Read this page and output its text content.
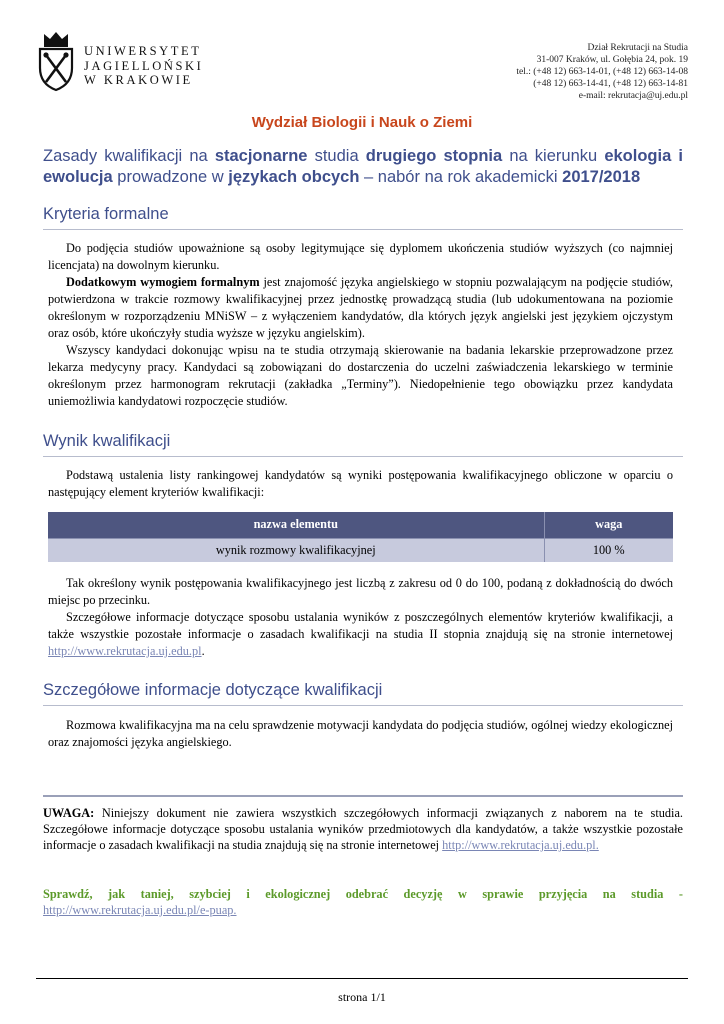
UNIWERSYTET
JAGIELLOŃSKI
W KRAKOWIE
Dział Rekrutacji na Studia
31-007 Kraków, ul. Gołębia 24, pok. 19
tel.: (+48 12) 663-14-01, (+48 12) 663-14-08
(+48 12) 663-14-41, (+48 12) 663-14-81
e-mail: rekrutacja@uj.edu.pl
Wydział Biologii i Nauk o Ziemi
Zasady kwalifikacji na stacjonarne studia drugiego stopnia na kierunku ekologia i ewolucja prowadzone w językach obcych – nabór na rok akademicki 2017/2018
Kryteria formalne

Do podjęcia studiów upoważnione są osoby legitymujące się dyplomem ukończenia studiów wyższych (co najmniej licencjata) na dowolnym kierunku.

Dodatkowym wymogiem formalnym jest znajomość języka angielskiego w stopniu pozwalającym na podjęcie studiów, potwierdzona w trakcie rozmowy kwalifikacyjnej przez jednostkę prowadzącą studia (lub udokumentowana na poziomie określonym w rozporządzeniu MNiSW – z wyłączeniem kandydatów, dla których język angielski jest językiem ojczystym oraz osób, które ukończyły studia wyższe w języku angielskim).

Wszyscy kandydaci dokonując wpisu na te studia otrzymają skierowanie na badania lekarskie przeprowadzone przez lekarza medycyny pracy. Kandydaci są zobowiązani do dostarczenia do uczelni zaświadczenia lekarskiego w terminie określonym przez harmonogram rekrutacji (zakładka „Terminy”). Niedopełnienie tego obowiązku przez kandydata uniemożliwia kandydatowi rozpoczęcie studiów.

Wynik kwalifikacji

Podstawą ustalenia listy rankingowej kandydatów są wyniki postępowania kwalifikacyjnego obliczone w oparciu o następujący element kryteriów kwalifikacji:

nazwa elementu	waga
wynik rozmowy kwalifikacyjnej	100 %

Tak określony wynik postępowania kwalifikacyjnego jest liczbą z zakresu od 0 do 100, podaną z dokładnością do dwóch miejsc po przecinku.

Szczegółowe informacje dotyczące sposobu ustalania wyników z poszczególnych elementów kryteriów kwalifikacji, a także wszystkie pozostałe informacje o zasadach kwalifikacji na studia II stopnia znajdują się na stronie internetowej http://www.rekrutacja.uj.edu.pl.

Szczegółowe informacje dotyczące kwalifikacji

Rozmowa kwalifikacyjna ma na celu sprawdzenie motywacji kandydata do podjęcia studiów, ogólnej wiedzy ekologicznej oraz znajomości języka angielskiego.

UWAGA: Niniejszy dokument nie zawiera wszystkich szczegółowych informacji związanych z naborem na te studia. Szczegółowe informacje dotyczące sposobu ustalania wyników przedmiotowych dla kandydatów, a także wszystkie pozostałe informacje o zasadach kwalifikacji na studia znajdują się na stronie internetowej http://www.rekrutacja.uj.edu.pl.
Sprawdź, jak taniej, szybciej i ekologicznej odebrać decyzję w sprawie przyjęcia na studia - http://www.rekrutacja.uj.edu.pl/e-puap.
strona 1/1
